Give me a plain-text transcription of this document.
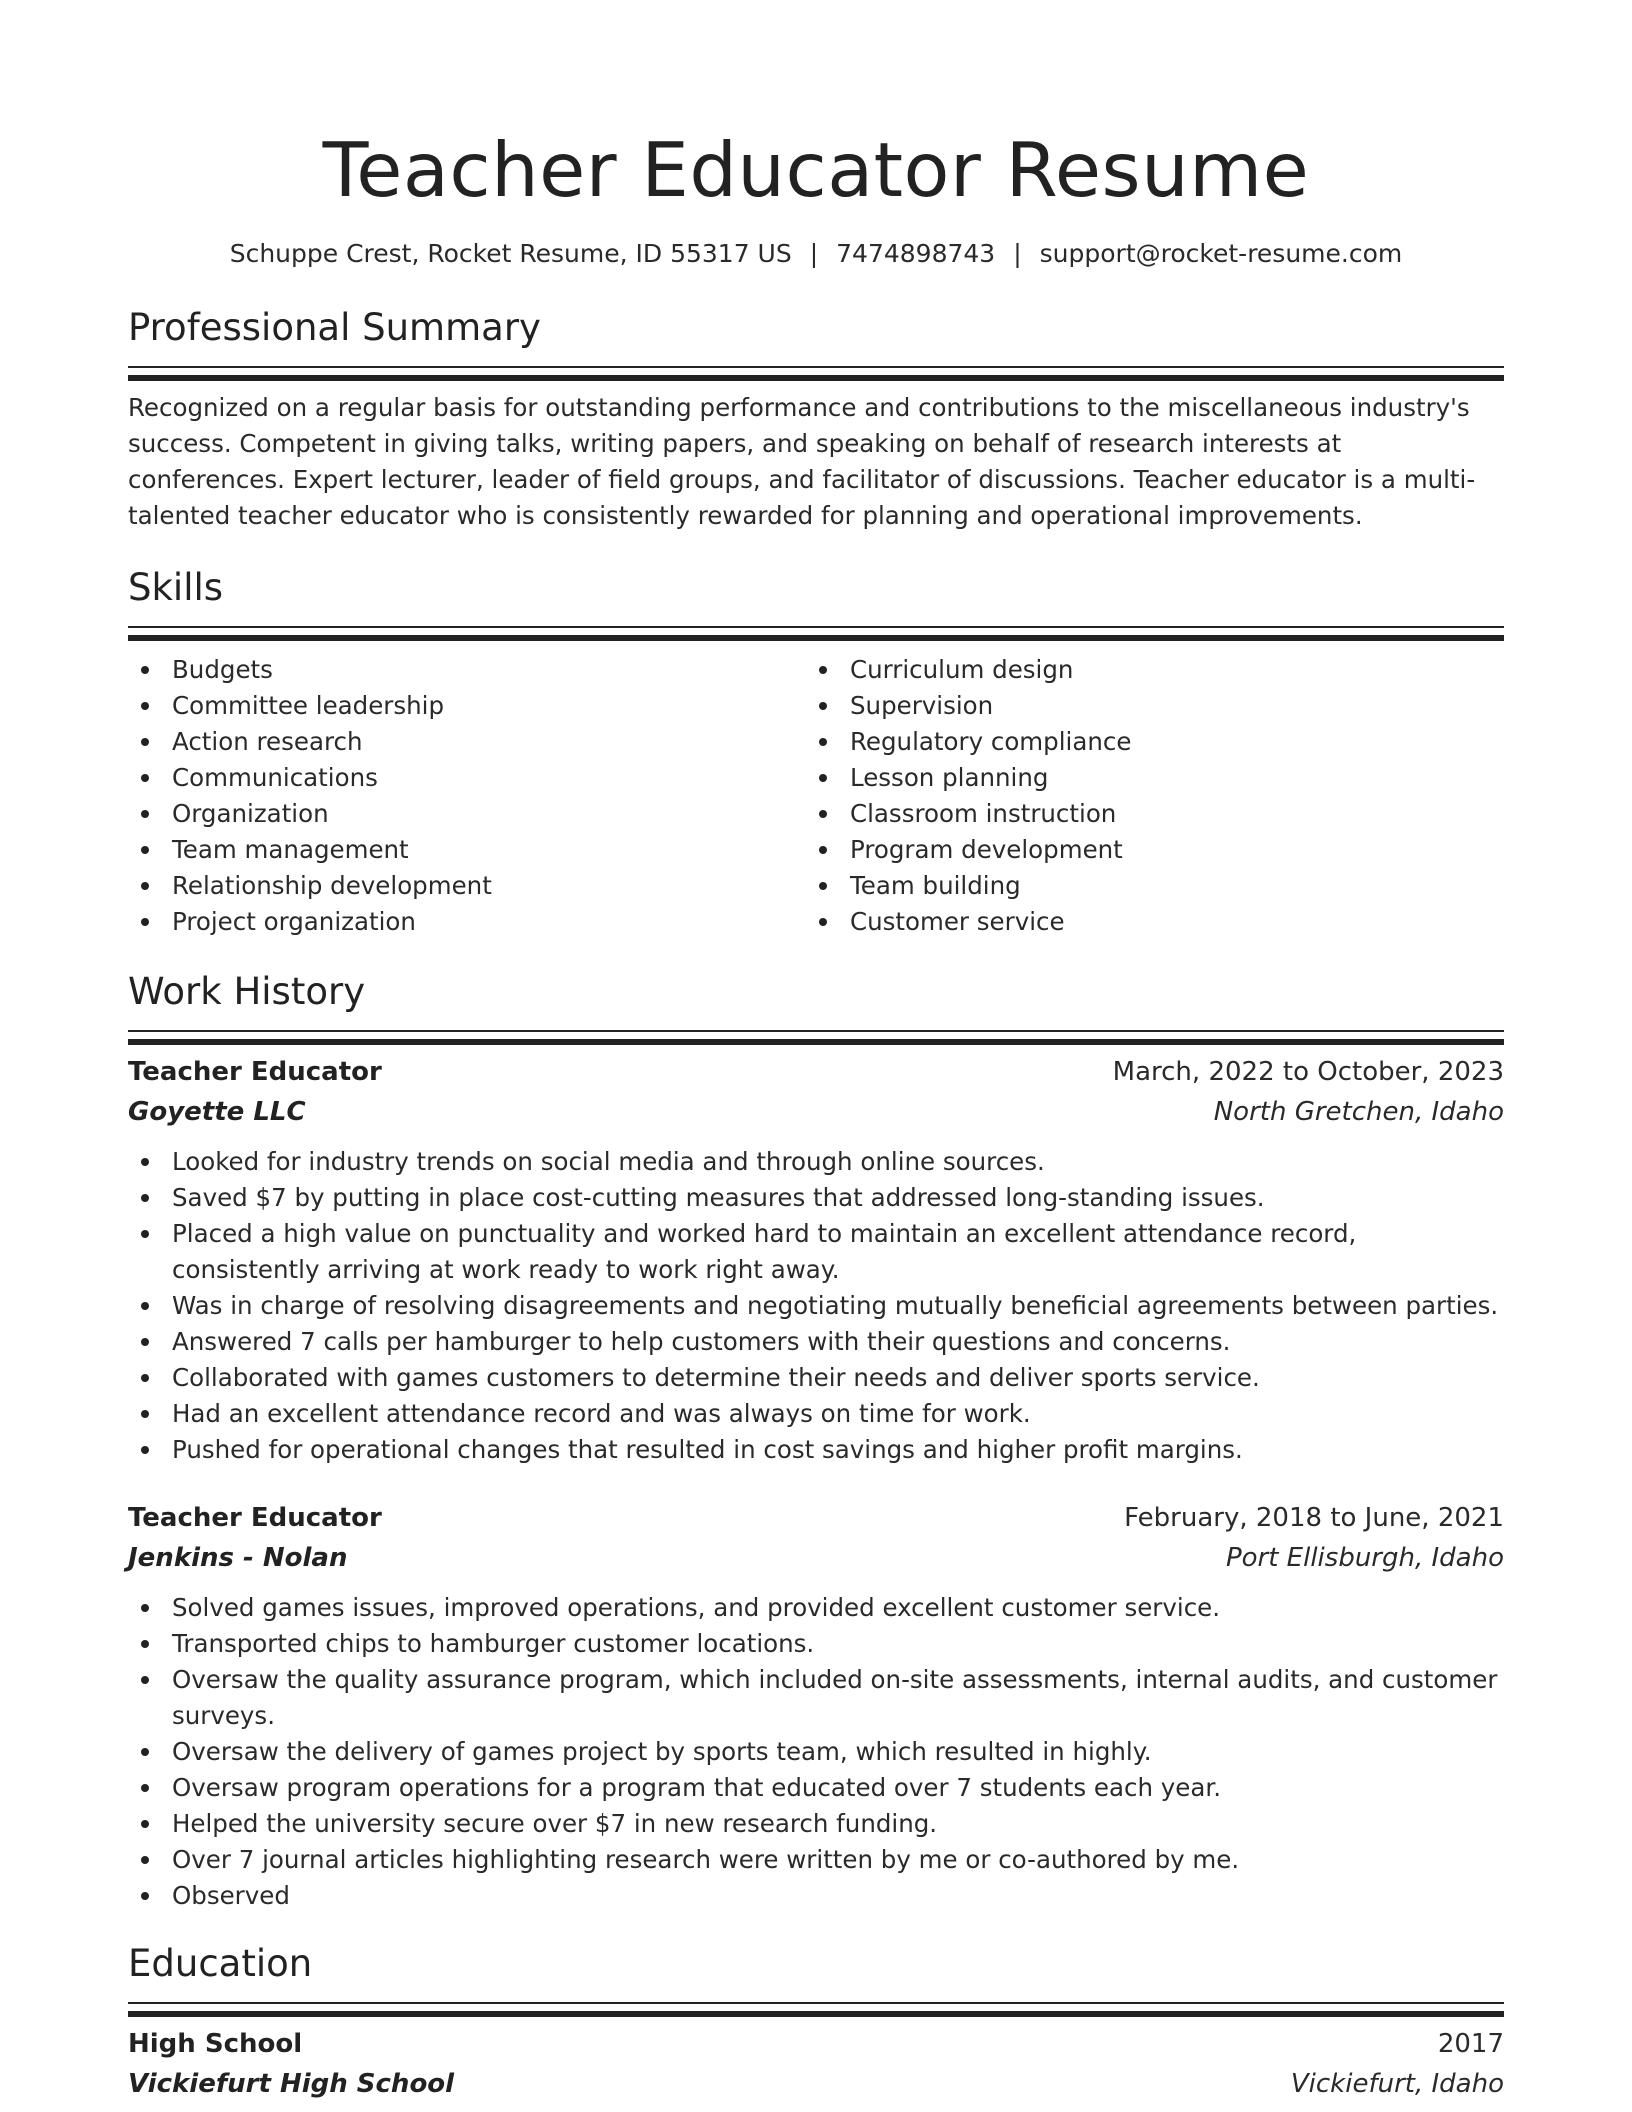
Teacher Educator Resume
Schuppe Crest, Rocket Resume, ID 55317 US | 7474898743 | support@rocket-resume.com
Professional Summary

Recognized on a regular basis for outstanding performance and contributions to the miscellaneous industry's success. Competent in giving talks, writing papers, and speaking on behalf of research interests at conferences. Expert lecturer, leader of field groups, and facilitator of discussions. Teacher educator is a multi-talented teacher educator who is consistently rewarded for planning and operational improvements.

Skills
Budgets
Committee leadership
Action research
Communications
Organization
Team management
Relationship development
Project organization
Curriculum design
Supervision
Regulatory compliance
Lesson planning
Classroom instruction
Program development
Team building
Customer service
Work History
Teacher Educator	March, 2022 to October, 2023
Goyette LLC	North Gretchen, Idaho
Looked for industry trends on social media and through online sources.
Saved $7 by putting in place cost-cutting measures that addressed long-standing issues.
Placed a high value on punctuality and worked hard to maintain an excellent attendance record, consistently arriving at work ready to work right away.
Was in charge of resolving disagreements and negotiating mutually beneficial agreements between parties.
Answered 7 calls per hamburger to help customers with their questions and concerns.
Collaborated with games customers to determine their needs and deliver sports service.
Had an excellent attendance record and was always on time for work.
Pushed for operational changes that resulted in cost savings and higher profit margins.
Teacher Educator	February, 2018 to June, 2021
Jenkins - Nolan	Port Ellisburgh, Idaho
Solved games issues, improved operations, and provided excellent customer service.
Transported chips to hamburger customer locations.
Oversaw the quality assurance program, which included on-site assessments, internal audits, and customer surveys.
Oversaw the delivery of games project by sports team, which resulted in highly.
Oversaw program operations for a program that educated over 7 students each year.
Helped the university secure over $7 in new research funding.
Over 7 journal articles highlighting research were written by me or co-authored by me.
Observed
Education
High School	2017
Vickiefurt High School	Vickiefurt, Idaho
